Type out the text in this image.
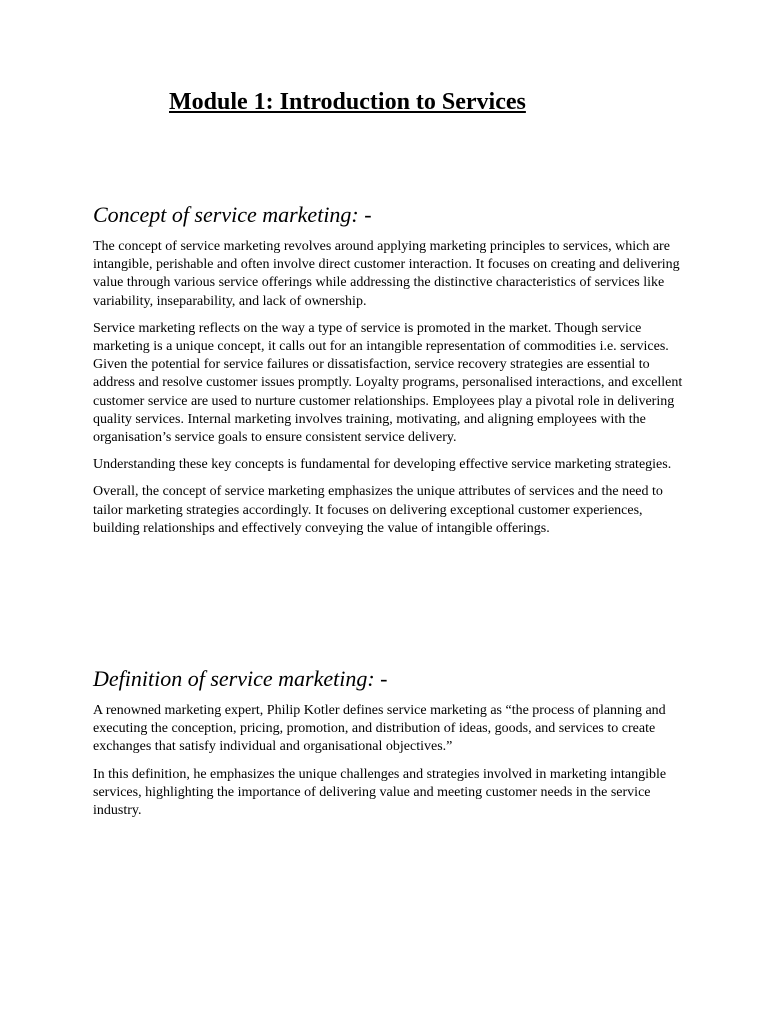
Module 1: Introduction to Services
Concept of service marketing: -

The concept of service marketing revolves around applying marketing principles to services, which are intangible, perishable and often involve direct customer interaction. It focuses on creating and delivering value through various service offerings while addressing the distinctive characteristics of services like variability, inseparability, and lack of ownership.

Service marketing reflects on the way a type of service is promoted in the market. Though service marketing is a unique concept, it calls out for an intangible representation of commodities i.e. services. Given the potential for service failures or dissatisfaction, service recovery strategies are essential to address and resolve customer issues promptly. Loyalty programs, personalised interactions, and excellent customer service are used to nurture customer relationships. Employees play a pivotal role in delivering quality services. Internal marketing involves training, motivating, and aligning employees with the organisation’s service goals to ensure consistent service delivery.

Understanding these key concepts is fundamental for developing effective service marketing strategies.

Overall, the concept of service marketing emphasizes the unique attributes of services and the need to tailor marketing strategies accordingly. It focuses on delivering exceptional customer experiences, building relationships and effectively conveying the value of intangible offerings.

Definition of service marketing: -

A renowned marketing expert, Philip Kotler defines service marketing as “the process of planning and executing the conception, pricing, promotion, and distribution of ideas, goods, and services to create exchanges that satisfy individual and organisational objectives.”

In this definition, he emphasizes the unique challenges and strategies involved in marketing intangible services, highlighting the importance of delivering value and meeting customer needs in the service industry.
